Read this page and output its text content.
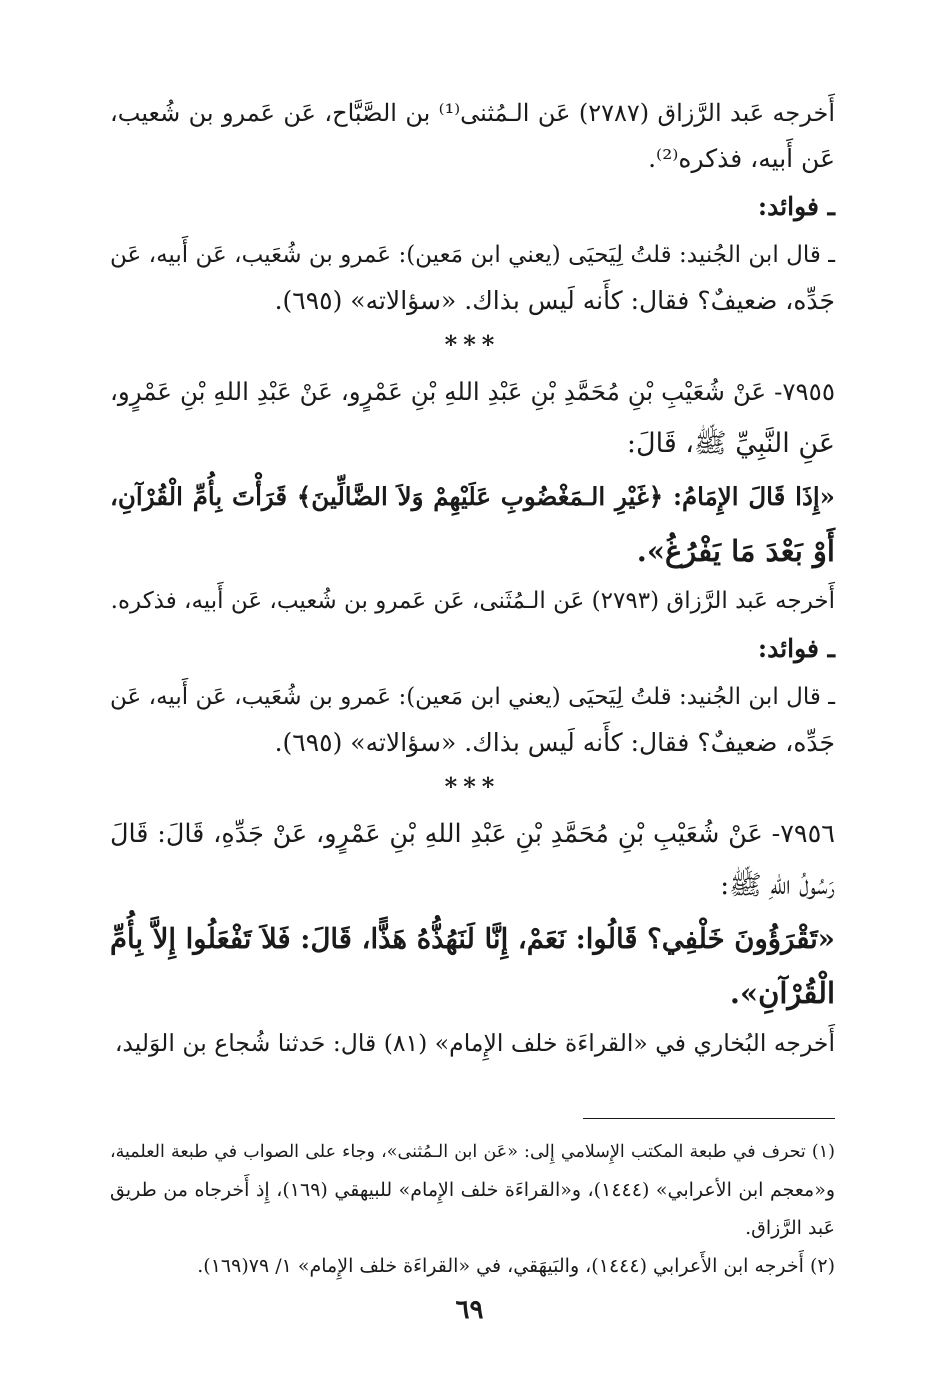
أَخرجه عَبد الرَّزاق (٢٧٨٧) عَن الـمُثنى⁽¹⁾ بن الصَّبَّاح، عَن عَمرو بن شُعيب،
عَن أَبيه، فذكره⁽²⁾.
ـ فوائد:
ـ قال ابن الجُنيد: قلتُ لِيَحيَى (يعني ابن مَعين): عَمرو بن شُعَيب، عَن أَبيه، عَن
جَدِّه، ضعيفٌ؟ فقال: كأَنه لَيس بذاك. «سؤالاته» (٦٩٥).
***
٧٩٥٥- عَنْ شُعَيْبِ بْنِ مُحَمَّدِ بْنِ عَبْدِ اللهِ بْنِ عَمْرٍو، عَنْ عَبْدِ اللهِ بْنِ عَمْرٍو،
عَنِ النَّبِيِّ ﷺ، قَالَ:
«إِذَا قَالَ الإِمَامُ: ﴿غَيْرِ الـمَغْضُوبِ عَلَيْهِمْ وَلاَ الضَّالِّينَ﴾ قَرَأْتَ بِأُمِّ الْقُرْآنِ،
أَوْ بَعْدَ مَا يَفْرُغُ».
أَخرجه عَبد الرَّزاق (٢٧٩٣) عَن الـمُثَنى، عَن عَمرو بن شُعيب، عَن أَبيه، فذكره.
ـ فوائد:
ـ قال ابن الجُنيد: قلتُ لِيَحيَى (يعني ابن مَعين): عَمرو بن شُعَيب، عَن أَبيه، عَن
جَدِّه، ضعيفٌ؟ فقال: كأَنه لَيس بذاك. «سؤالاته» (٦٩٥).
***
٧٩٥٦- عَنْ شُعَيْبِ بْنِ مُحَمَّدِ بْنِ عَبْدِ اللهِ بْنِ عَمْرٍو، عَنْ جَدِّهِ، قَالَ: قَالَ
رَسُولُ اللهِ ﷺ:
«تَقْرَؤُونَ خَلْفِي؟ قَالُوا: نَعَمْ، إِنَّا لَنَهُذُّهُ هَذًّا، قَالَ: فَلاَ تَفْعَلُوا إِلاَّ بِأُمِّ
الْقُرْآنِ».
أَخرجه البُخاري في «القراءَة خلف الإِمام» (٨١) قال: حَدثنا شُجاع بن الوَليد،
(١) تحرف في طبعة المكتب الإِسلامي إِلى: «عَن ابن الـمُثنى»، وجاء على الصواب في طبعة العلمية،
و«معجم ابن الأعرابي» (١٤٤٤)، و«القراءَة خلف الإِمام» للبيهقي (١٦٩)، إِذ أَخرجاه من طريق
عَبد الرَّزاق.
(٢) أَخرجه ابن الأَعرابي (١٤٤٤)، والبَيهَقي، في «القراءَة خلف الإِمام» ١/ ٧٩(١٦٩).
٦٩
